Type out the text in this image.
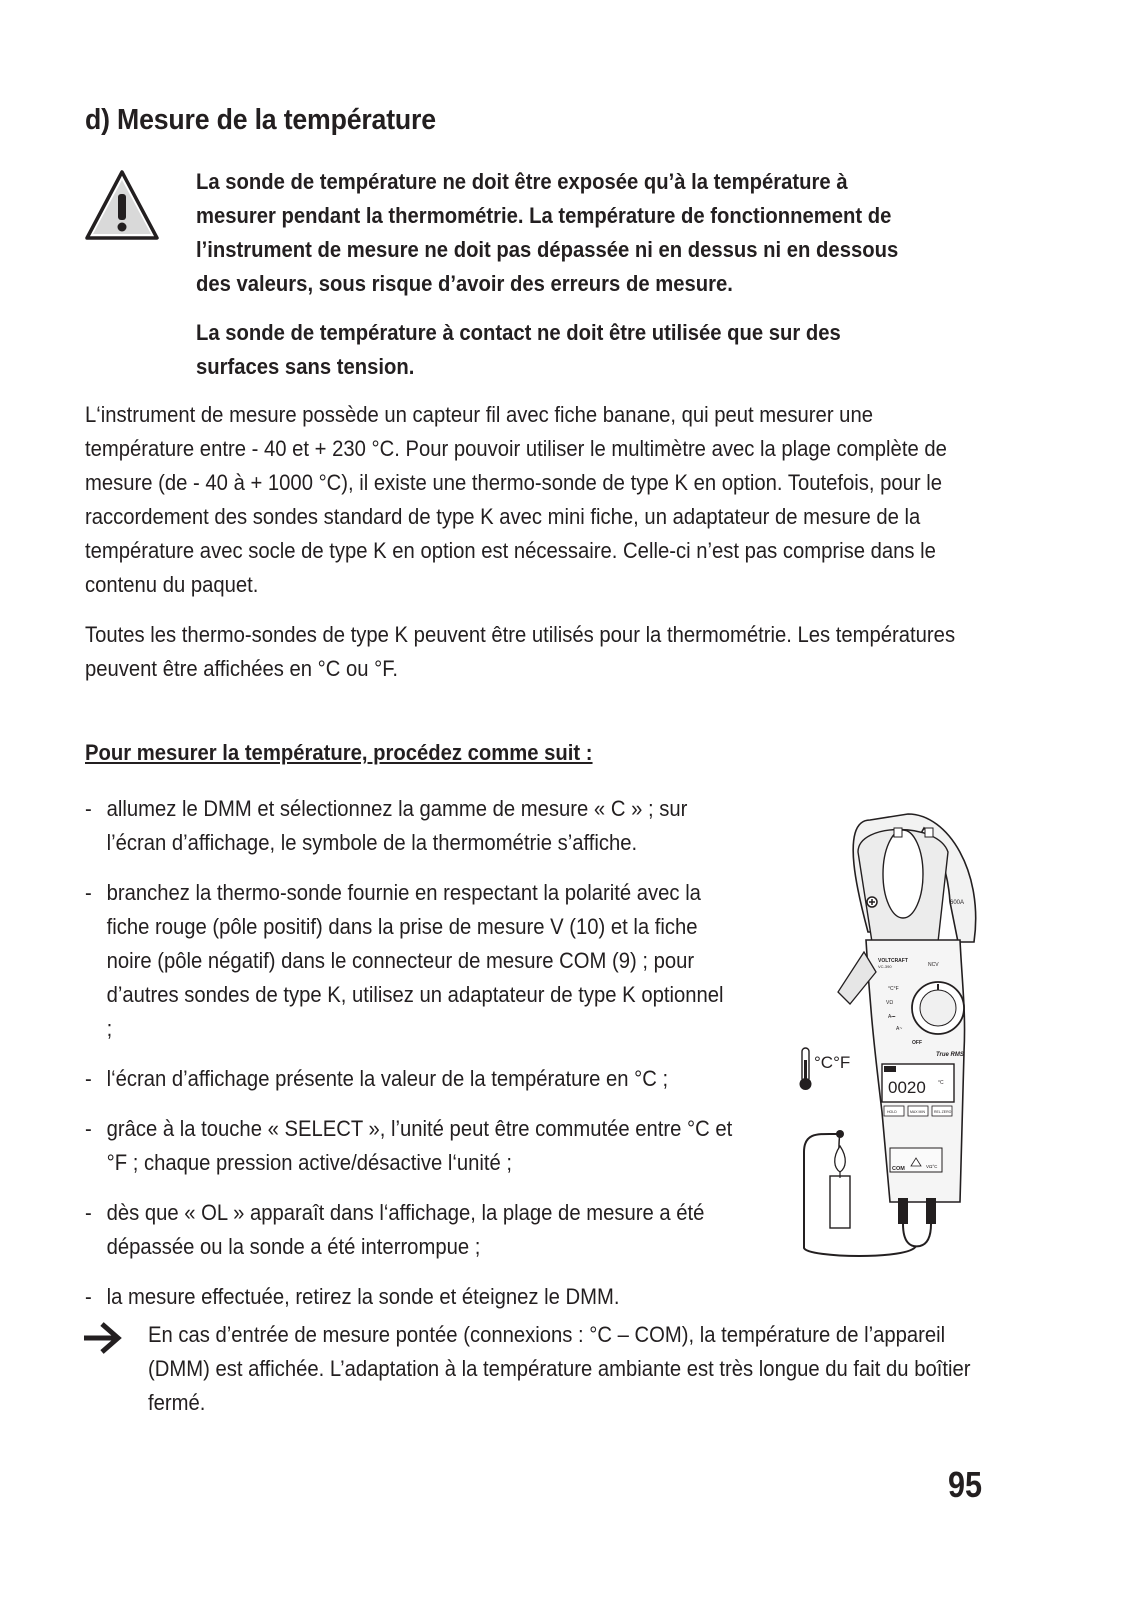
d) Mesure de la température

La sonde de température ne doit être exposée qu’à la température à mesurer pendant la thermométrie. La température de fonctionnement de l’instrument de mesure ne doit pas dépassée ni en dessus ni en dessous des valeurs, sous risque d’avoir des erreurs de mesure.

La sonde de température à contact ne doit être utilisée que sur des surfaces sans tension.

L‘instrument de mesure possède un capteur fil avec fiche banane, qui peut mesurer une température entre - 40 et + 230 °C. Pour pouvoir utiliser le multimètre avec la plage complète de mesure (de - 40 à + 1000 °C), il existe une thermo-sonde de type K en option. Toutefois, pour le raccordement des sondes standard de type K avec mini fiche, un adaptateur de mesure de la température avec socle de type K en option est nécessaire. Celle-ci n’est pas comprise dans le contenu du paquet.

Toutes les thermo-sondes de type K peuvent être utilisés pour la thermométrie. Les températures peuvent être affichées en °C ou °F.

Pour mesurer la température, procédez comme suit :

- allumez le DMM et sélectionnez la gamme de mesure « C » ; sur l’écran d’affichage, le symbole de la thermométrie s’affiche.
- branchez la thermo-sonde fournie en respectant la polarité avec la fiche rouge (pôle positif) dans la prise de mesure V (10) et la fiche noire (pôle négatif) dans le connecteur de mesure COM (9) ; pour d’autres sondes de type K, utilisez un adaptateur de type K optionnel ;
- l‘écran d’affichage présente la valeur de la température en °C ;
- grâce à la touche « SELECT », l’unité peut être commutée entre °C et °F ; chaque pression active/désactive l‘unité ;
- dès que « OL » apparaît dans l‘affichage, la plage de mesure a été dépassée ou la sonde a été interrompue ;
- la mesure effectuée, retirez la sonde et éteignez le DMM.
600A
VOLTCRAFT
VC-390	NCV
°C°F
VΩ
A⎓
A~
OFF
True RMS
0020 °C
HOLD	MAX MIN	REL ZERO
COM	VΩ°C
°C°F

En cas d’entrée de mesure pontée (connexions : °C – COM), la température de l’appareil (DMM) est affichée. L’adaptation à la température ambiante est très longue du fait du boîtier fermé.

95
